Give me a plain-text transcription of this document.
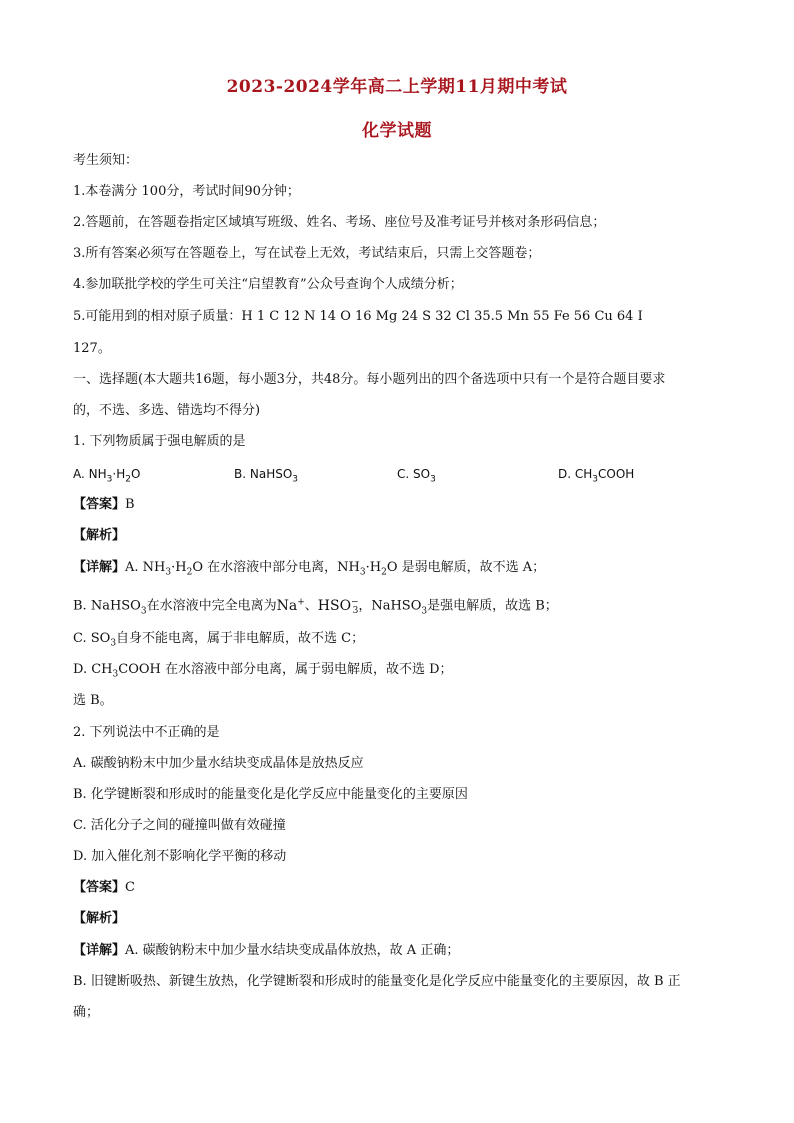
2023-2024学年高二上学期11月期中考试
化学试题
考生须知：
1.本卷满分 100分，考试时间90分钟；
2.答题前，在答题卷指定区域填写班级、姓名、考场、座位号及准考证号并核对条形码信息；
3.所有答案必须写在答题卷上，写在试卷上无效，考试结束后，只需上交答题卷；
4.参加联批学校的学生可关注“启望教育”公众号查询个人成绩分析；
5.可能用到的相对原子质量：H 1 C 12 N 14 O 16 Mg 24 S 32 Cl 35.5 Mn 55 Fe 56 Cu 64 I
127。
一、选择题(本大题共16题，每小题3分，共48分。每小题列出的四个备选项中只有一个是符合题目要求
的，不选、多选、错选均不得分)
1. 下列物质属于强电解质的是
A. $NH_3\cdot H_2O$	B. NaHSO$_3$	C. $SO_3$	D. $CH_3COOH$
【答案】B
【解析】
【详解】A. $NH_3\cdot H_2O$ 在水溶液中部分电离，$NH_3\cdot H_2O$ 是弱电解质，故不选 A；
B. NaHSO$_3$在水溶液中完全电离为Na+、$HSO^-_3$，NaHSO$_3$是强电解质，故选 B；
C. $SO_3$自身不能电离，属于非电解质，故不选 C；
D. $CH_3COOH$ 在水溶液中部分电离，属于弱电解质，故不选 D；
选 B。
2. 下列说法中不正确的是
A. 碳酸钠粉末中加少量水结块变成晶体是放热反应
B. 化学键断裂和形成时的能量变化是化学反应中能量变化的主要原因
C. 活化分子之间的碰撞叫做有效碰撞
D. 加入催化剂不影响化学平衡的移动
【答案】C
【解析】
【详解】A. 碳酸钠粉末中加少量水结块变成晶体放热，故 A 正确；
B. 旧键断吸热、新键生放热，化学键断裂和形成时的能量变化是化学反应中能量变化的主要原因，故 B 正
确；
